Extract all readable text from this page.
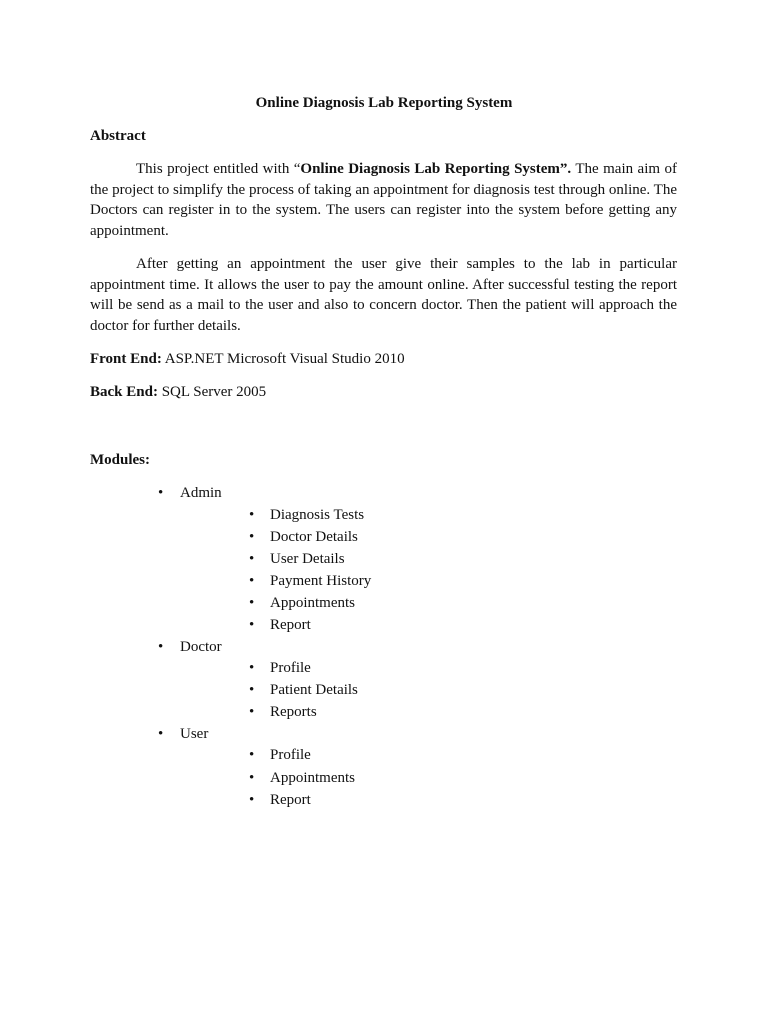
Online Diagnosis Lab Reporting System
Abstract
This project entitled with “Online Diagnosis Lab Reporting System”. The main aim of the project to simplify the process of taking an appointment for diagnosis test through online. The Doctors can register in to the system. The users can register into the system before getting any appointment.
After getting an appointment the user give their samples to the lab in particular appointment time. It allows the user to pay the amount online. After successful testing the report will be send as a mail to the user and also to concern doctor. Then the patient will approach the doctor for further details.
Front End: ASP.NET Microsoft Visual Studio 2010
Back End: SQL Server 2005
Modules:
• Admin
• Diagnosis Tests
• Doctor Details
• User Details
• Payment History
• Appointments
• Report
• Doctor
• Profile
• Patient Details
• Reports
• User
• Profile
• Appointments
• Report
